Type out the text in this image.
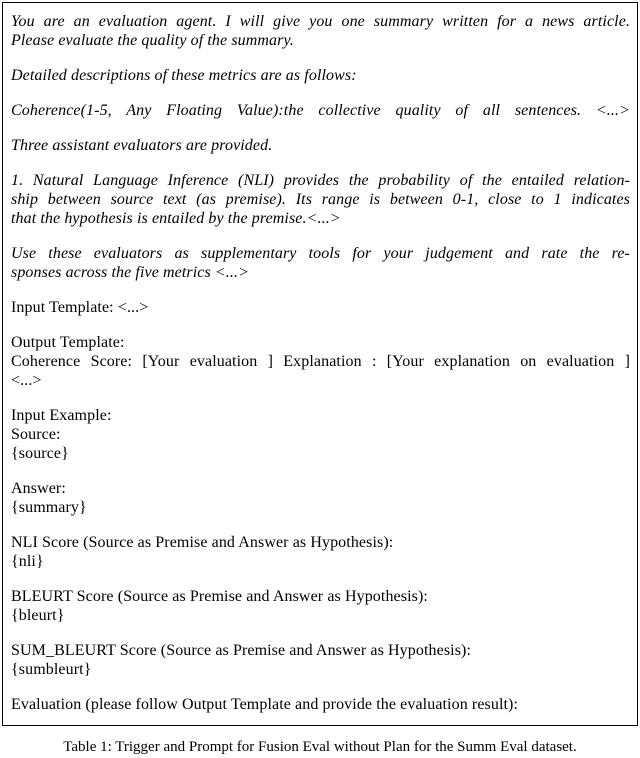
You are an evaluation agent. I will give you one summary written for a news article.
Please evaluate the quality of the summary.

Detailed descriptions of these metrics are as follows:

Coherence(1-5, Any Floating Value):the collective quality of all sentences. <...>

Three assistant evaluators are provided.

1. Natural Language Inference (NLI) provides the probability of the entailed relation-
ship between source text (as premise). Its range is between 0-1, close to 1 indicates
that the hypothesis is entailed by the premise.<...>

Use these evaluators as supplementary tools for your judgement and rate the re-
sponses across the five metrics <...>

Input Template: <...>

Output Template:
Coherence Score: [Your evaluation ] Explanation : [Your explanation on evaluation ]
<...>

Input Example:
Source:
{source}

Answer:
{summary}

NLI Score (Source as Premise and Answer as Hypothesis):
{nli}

BLEURT Score (Source as Premise and Answer as Hypothesis):
{bleurt}

SUM_BLEURT Score (Source as Premise and Answer as Hypothesis):
{sumbleurt}

Evaluation (please follow Output Template and provide the evaluation result):

Table 1: Trigger and Prompt for Fusion Eval without Plan for the Summ Eval dataset.
